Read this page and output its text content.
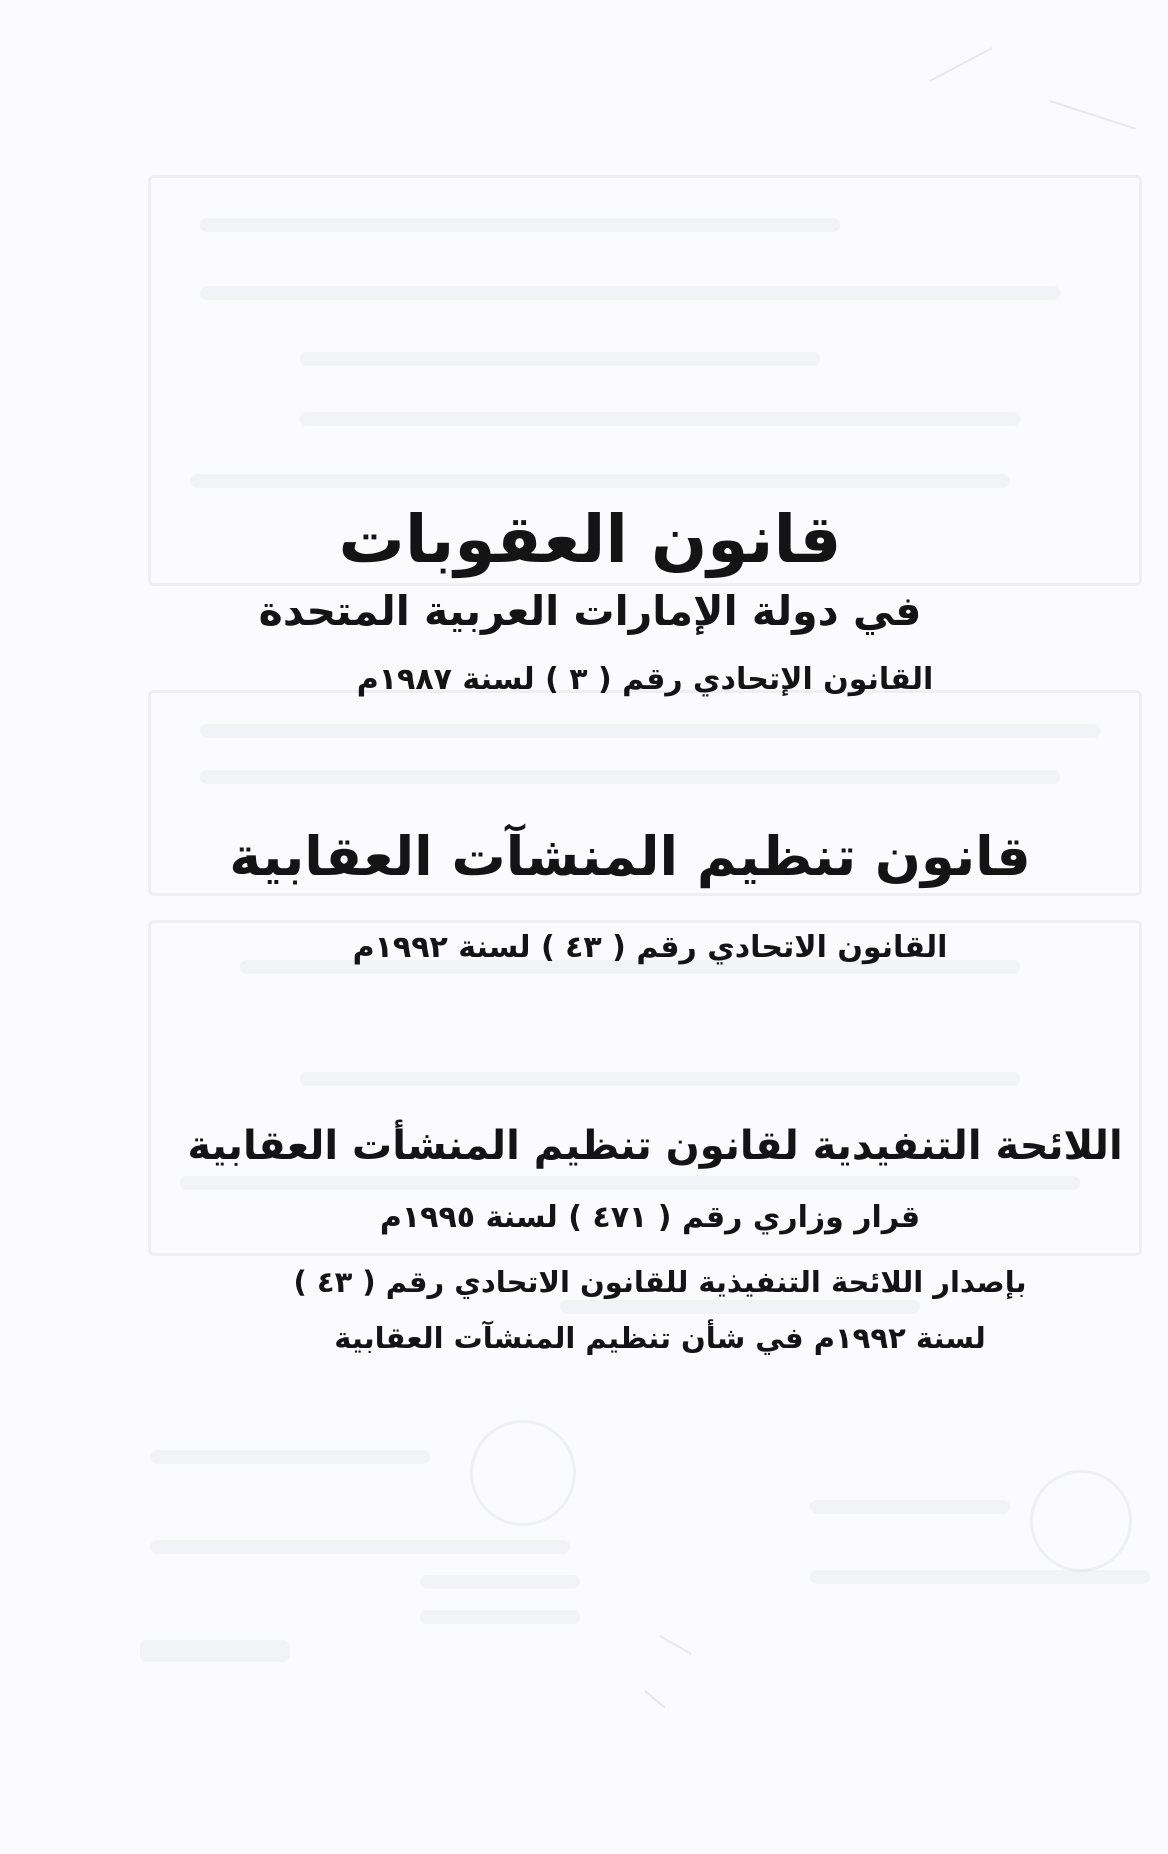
قانون العقوبات
في دولة الإمارات العربية المتحدة
القانون الإتحادي رقم ( ٣ ) لسنة ١٩٨٧م
قانون تنظيم المنشآت العقابية
القانون الاتحادي رقم ( ٤٣ ) لسنة ١٩٩٢م
اللائحة التنفيدية لقانون تنظيم المنشأت العقابية
قرار وزاري رقم ( ٤٧١ ) لسنة ١٩٩٥م
بإصدار اللائحة التنفيذية للقانون الاتحادي رقم ( ٤٣ )
لسنة ١٩٩٢م في شأن تنظيم المنشآت العقابية
